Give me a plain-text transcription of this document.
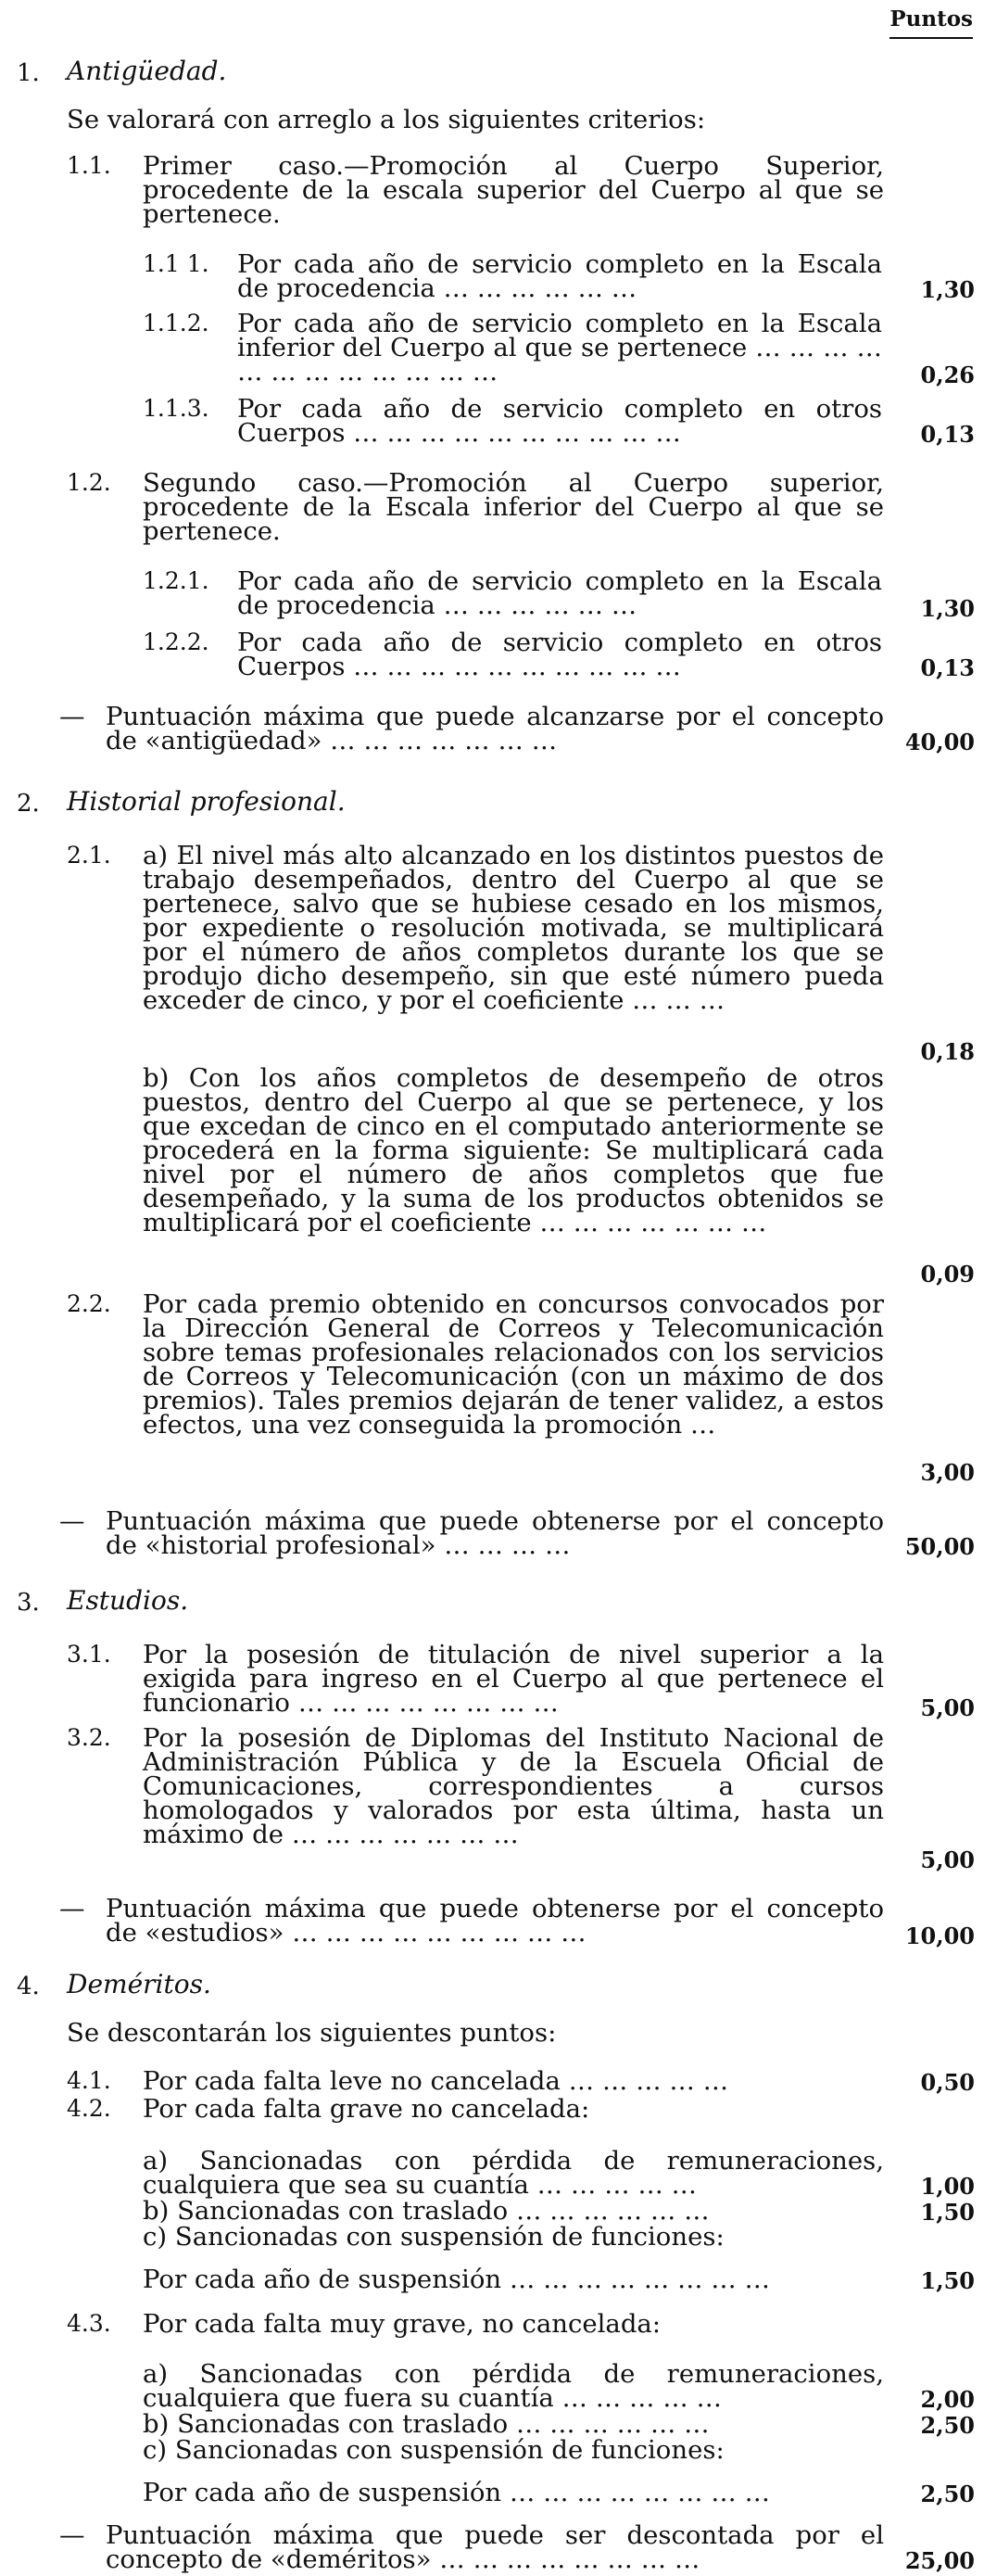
Puntos
1. Antigüedad.
Se valorará con arreglo a los siguientes criterios:
1.1. Primer caso.—Promoción al Cuerpo Superior, procedente de la escala superior del Cuerpo al que se pertenece.
1.1 1. Por cada año de servicio completo en la Escala de procedencia … … … … … …	1,30
1.1.2. Por cada año de servicio completo en la Escala inferior del Cuerpo al que se pertenece … … … … … … … … … … … …	0,26
1.1.3. Por cada año de servicio completo en otros Cuerpos … … … … … … … … … …	0,13
1.2. Segundo caso.—Promoción al Cuerpo superior, procedente de la Escala inferior del Cuerpo al que se pertenece.
1.2.1. Por cada año de servicio completo en la Escala de procedencia … … … … … …	1,30
1.2.2. Por cada año de servicio completo en otros Cuerpos … … … … … … … … … …	0,13
— Puntuación máxima que puede alcanzarse por el concepto de «antigüedad» … … … … … … …	40,00
2. Historial profesional.
2.1. a) El nivel más alto alcanzado en los distintos puestos de trabajo desempeñados, dentro del Cuerpo al que se pertenece, salvo que se hubiese cesado en los mismos, por expediente o resolución motivada, se multiplicará por el número de años completos durante los que se produjo dicho desempeño, sin que esté número pueda exceder de cinco, y por el coeficiente … … …
0,18
b) Con los años completos de desempeño de otros puestos, dentro del Cuerpo al que se pertenece, y los que excedan de cinco en el computado anteriormente se procederá en la forma siguiente: Se multiplicará cada nivel por el número de años completos que fue desempeñado, y la suma de los productos obtenidos se multiplicará por el coeficiente … … … … … … …
0,09
2.2. Por cada premio obtenido en concursos convocados por la Dirección General de Correos y Telecomunicación sobre temas profesionales relacionados con los servicios de Correos y Telecomunicación (con un máximo de dos premios). Tales premios dejarán de tener validez, a estos efectos, una vez conseguida la promoción …
3,00
— Puntuación máxima que puede obtenerse por el concepto de «historial profesional» … … … …	50,00
3. Estudios.
3.1. Por la posesión de titulación de nivel superior a la exigida para ingreso en el Cuerpo al que pertenece el funcionario … … … … … … … …	5,00
3.2. Por la posesión de Diplomas del Instituto Nacional de Administración Pública y de la Escuela Oficial de Comunicaciones, correspondientes a cursos homologados y valorados por esta última, hasta un máximo de … … … … … … …
5,00
— Puntuación máxima que puede obtenerse por el concepto de «estudios» … … … … … … … … …	10,00
4. Deméritos.
Se descontarán los siguientes puntos:
4.1. Por cada falta leve no cancelada … … … … …	0,50
4.2. Por cada falta grave no cancelada:
a) Sancionadas con pérdida de remuneraciones, cualquiera que sea su cuantía … … … … …	1,00
b) Sancionadas con traslado … … … … … …	1,50
c) Sancionadas con suspensión de funciones:
Por cada año de suspensión … … … … … … … …	1,50
4.3. Por cada falta muy grave, no cancelada:
a) Sancionadas con pérdida de remuneraciones, cualquiera que fuera su cuantía … … … … …	2,00
b) Sancionadas con traslado … … … … … …	2,50
c) Sancionadas con suspensión de funciones:
Por cada año de suspensión … … … … … … … …	2,50
— Puntuación máxima que puede ser descontada por el concepto de «deméritos» … … … … … … … …	25,00
